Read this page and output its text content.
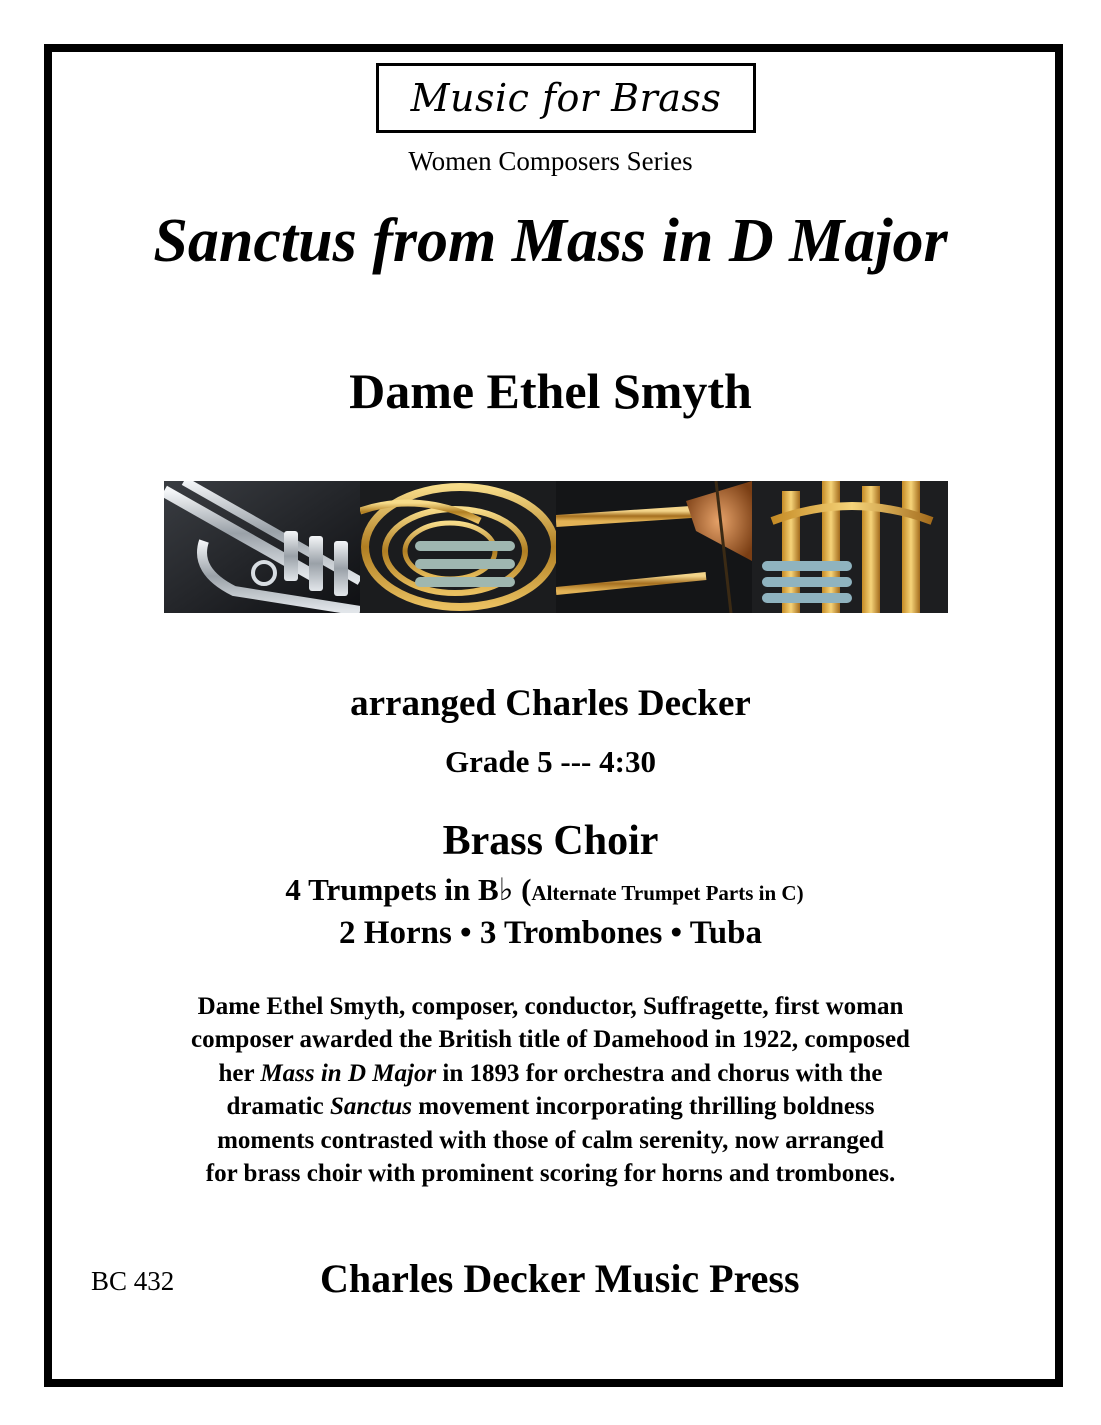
Music for Brass
Women Composers Series
Sanctus from Mass in D Major
Dame Ethel Smyth
arranged Charles Decker
Grade 5 --- 4:30
Brass Choir
4 Trumpets in B♭ (Alternate Trumpet Parts in C)
2 Horns • 3 Trombones • Tuba
Dame Ethel Smyth, composer, conductor, Suffragette, first woman
composer awarded the British title of Damehood in 1922, composed
her Mass in D Major in 1893 for orchestra and chorus with the
dramatic Sanctus movement incorporating thrilling boldness
moments contrasted with those of calm serenity, now arranged
for brass choir with prominent scoring for horns and trombones.
BC 432	Charles Decker Music Press
